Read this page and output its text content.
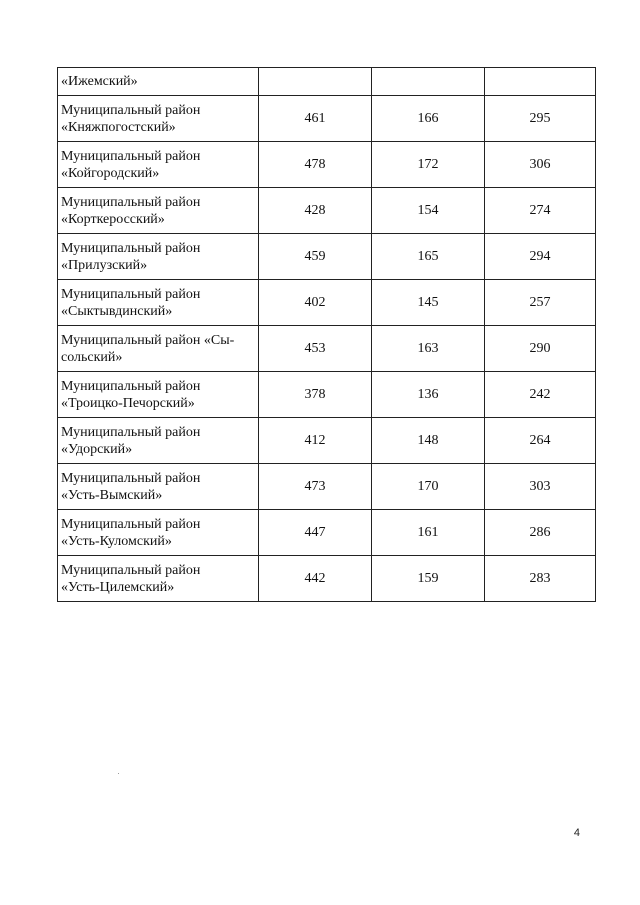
«Ижемский»			

Муниципальный район
«Княжпогостский»	461	166	295

Муниципальный район
«Койгородский»	478	172	306

Муниципальный район
«Корткеросский»	428	154	274

Муниципальный район
«Прилузский»	459	165	294

Муниципальный район
«Сыктывдинский»	402	145	257

Муниципальный район «Сы-
сольский»	453	163	290

Муниципальный район
«Троицко-Печорский»	378	136	242

Муниципальный район
«Удорский»	412	148	264

Муниципальный район
«Усть-Вымский»	473	170	303

Муниципальный район
«Усть-Куломский»	447	161	286

Муниципальный район
«Усть-Цилемский»	442	159	283
4
